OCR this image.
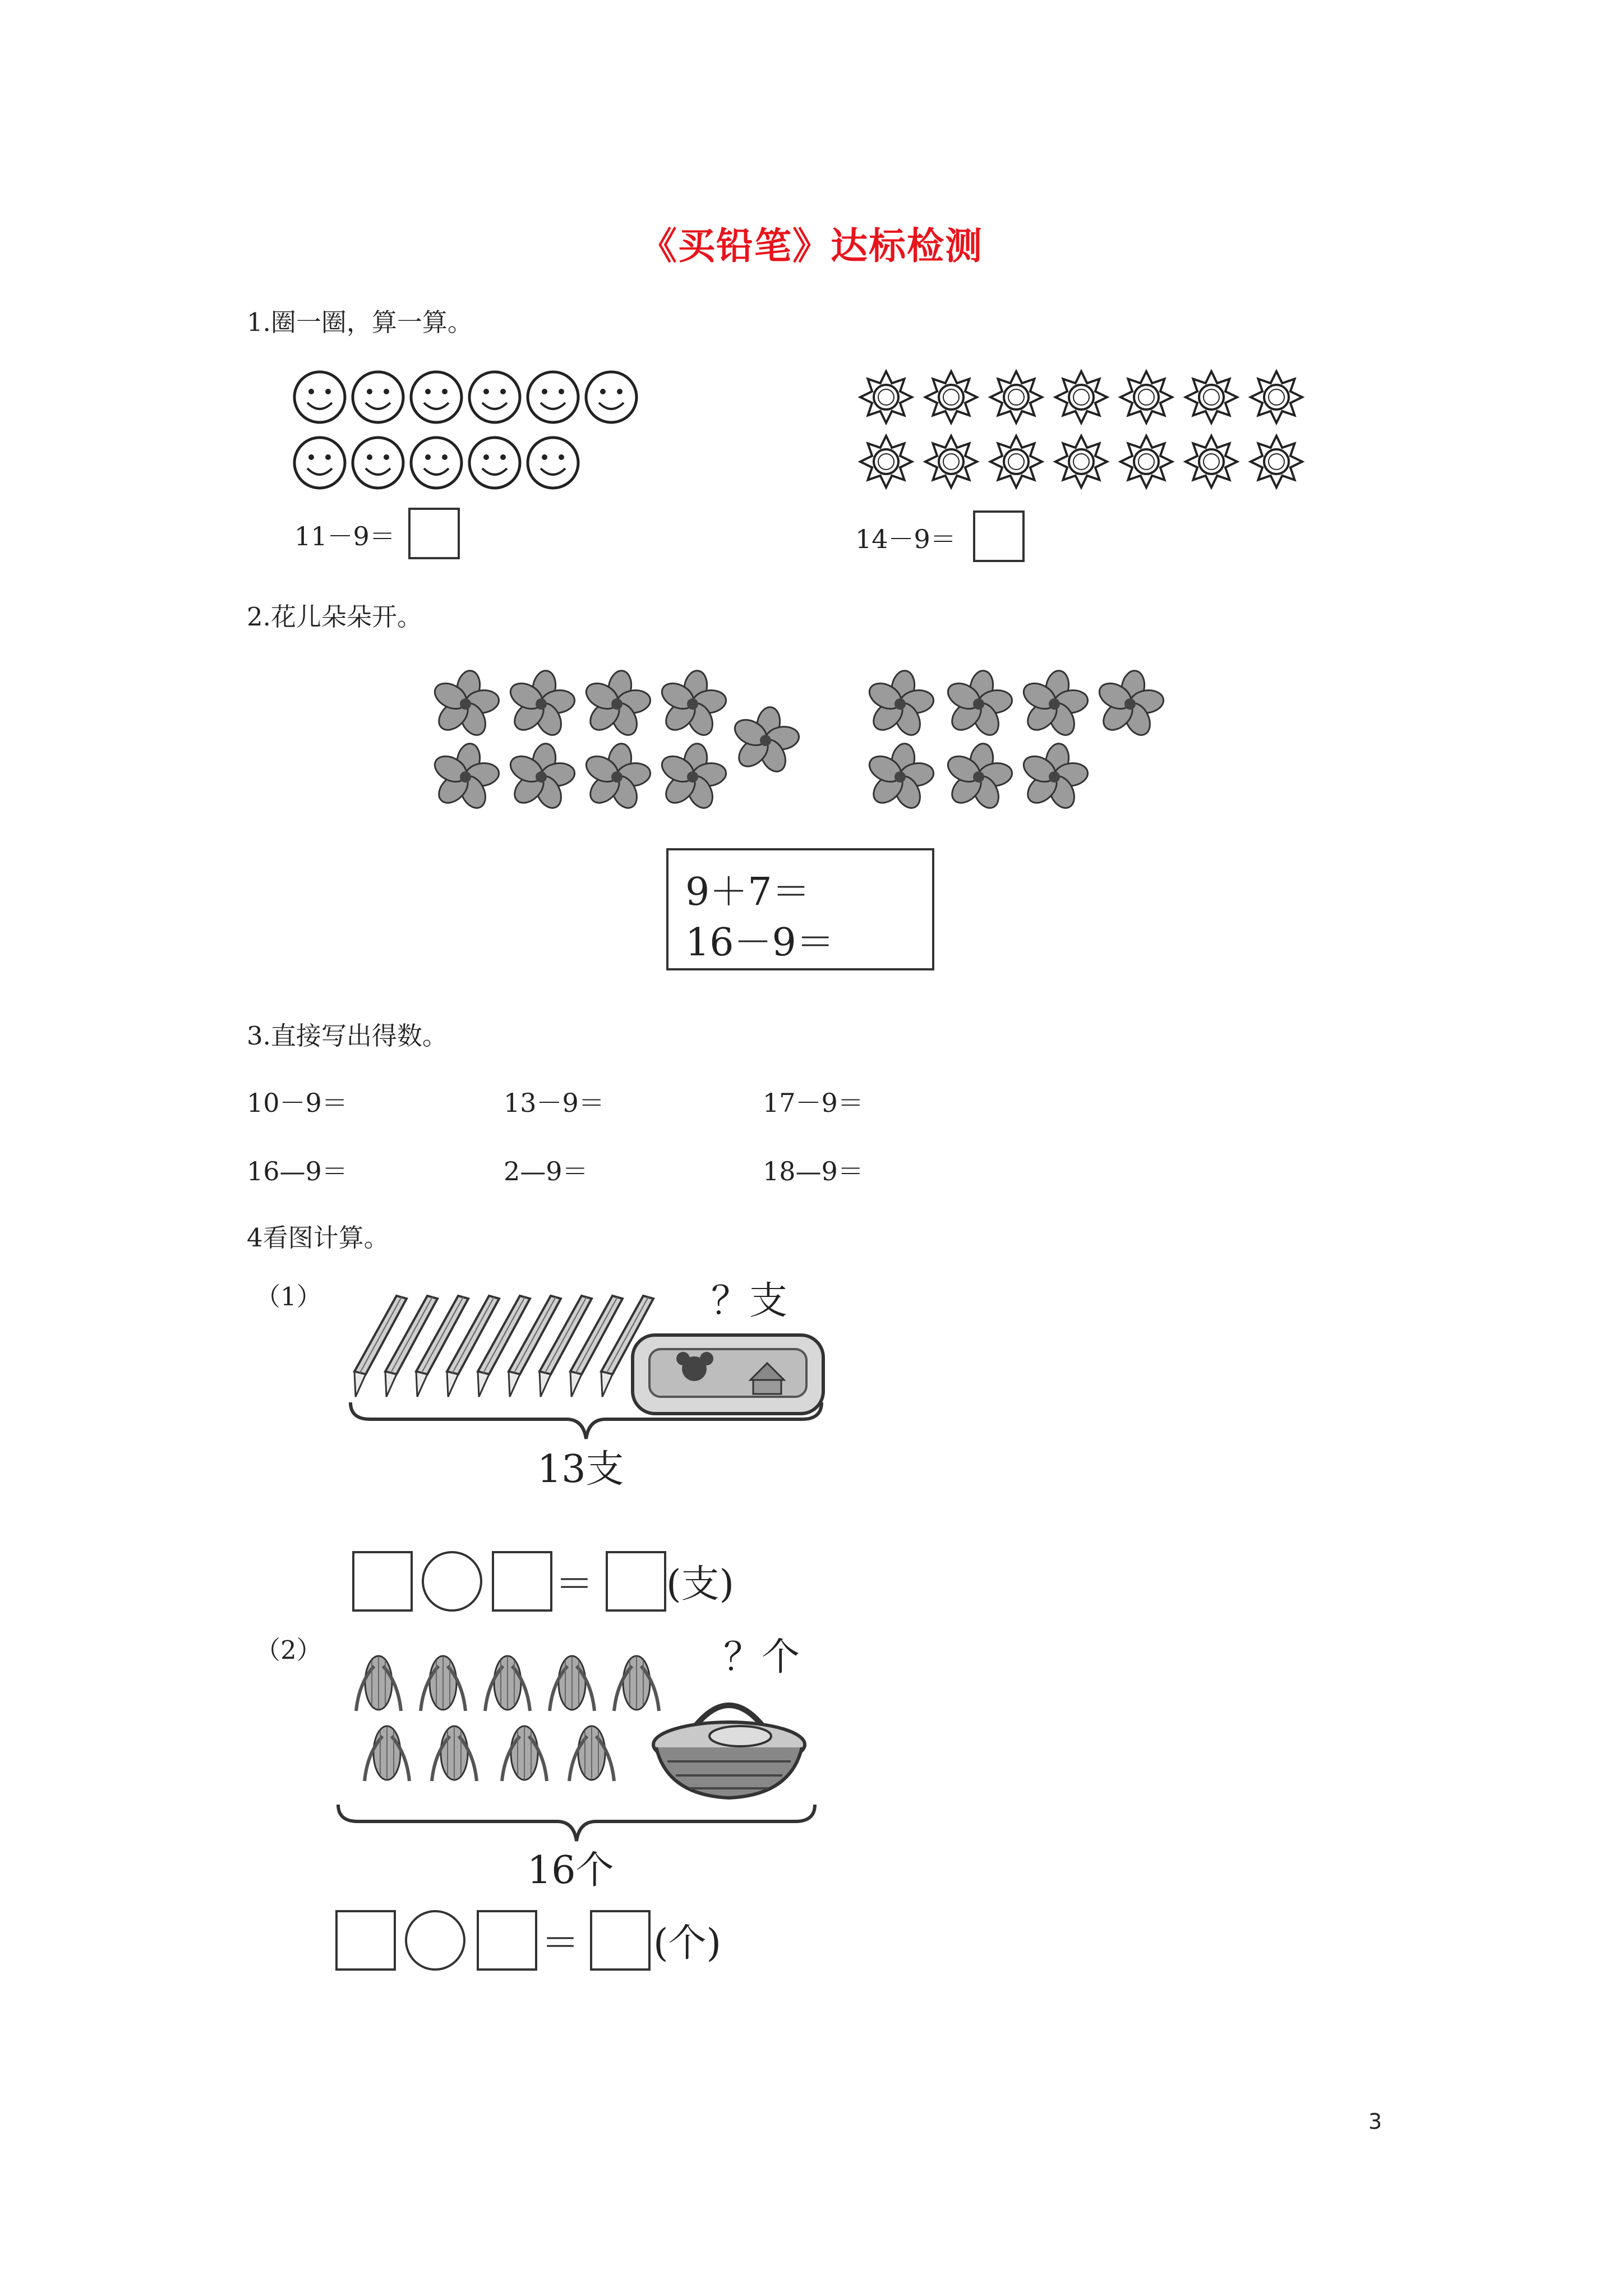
《买铅笔》达标检测
1.圈一圈，算一算。
11－9＝	14－9＝
2.花儿朵朵开。
9＋7＝
16－9＝
3.直接写出得数。
10－9＝	13－9＝	17－9＝
16—9＝	2—9＝	18—9＝
4看图计算。
（1）	？支
13支
＝ (支)
（2）	？个
16个
＝ (个)
3
